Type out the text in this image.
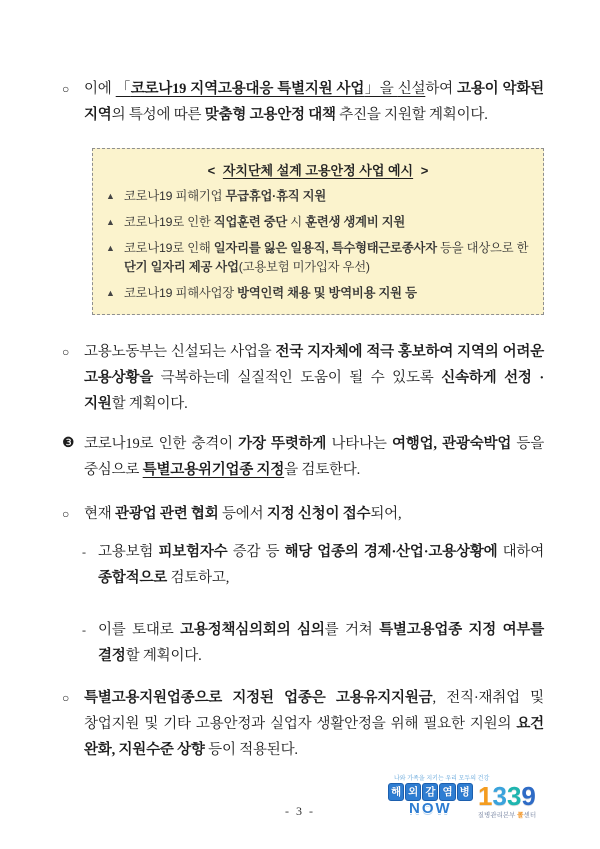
○	이에 「코로나19 지역고용대응 특별지원 사업」을 신설하여 고용이 악화된 지역의 특성에 따른 맞춤형 고용안정 대책 추진을 지원할 계획이다.
< 자치단체 설계 고용안정 사업 예시 >
▲ 코로나19 피해기업 무급휴업·휴직 지원
▲ 코로나19로 인한 직업훈련 중단 시 훈련생 생계비 지원
▲ 코로나19로 인해 일자리를 잃은 일용직, 특수형태근로종사자 등을 대상으로 한 단기 일자리 제공 사업(고용보험 미가입자 우선)
▲ 코로나19 피해사업장 방역인력 채용 및 방역비용 지원 등
○	고용노동부는 신설되는 사업을 전국 지자체에 적극 홍보하여 지역의 어려운 고용상황을 극복하는데 실질적인 도움이 될 수 있도록 신속하게 선정 · 지원할 계획이다.
❸ 코로나19로 인한 충격이 가장 뚜렷하게 나타나는 여행업, 관광숙박업 등을 중심으로 특별고용위기업종 지정을 검토한다.
○	현재 관광업 관련 협회 등에서 지정 신청이 접수되어,
- 고용보험 피보험자수 증감 등 해당 업종의 경제·산업·고용상황에 대하여 종합적으로 검토하고,
- 이를 토대로 고용정책심의회의 심의를 거쳐 특별고용업종 지정 여부를 결정할 계획이다.
○	특별고용지원업종으로 지정된 업종은 고용유지지원금, 전직·재취업 및 창업지원 및 기타 고용안정과 실업자 생활안정을 위해 필요한 지원의 요건 완화, 지원수준 상향 등이 적용된다.
- 3 -
나와 가족을 지키는 우리 모두의 건강
해 외 감 염 병
NOW 1 3 3 9
질병관리본부 콜센터
